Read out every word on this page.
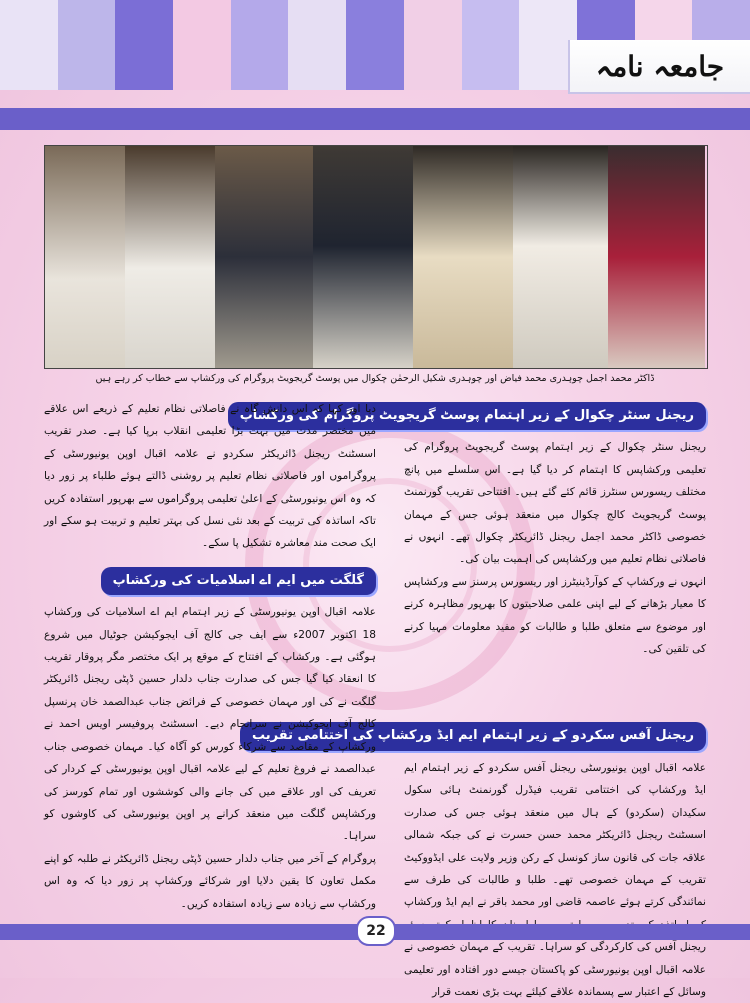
جامعہ نامہ
ڈاکٹر محمد اجمل چوہدری محمد فیاض اور چوہدری شکیل الرحمٰن چکوال میں پوسٹ گریجویٹ پروگرام کی ورکشاپ سے خطاب کر رہے ہیں
ریجنل سنٹر چکوال کے زیر اہتمام پوسٹ گریجویٹ پروگرام کی ورکشاپ

ریجنل سنٹر چکوال کے زیر اہتمام پوسٹ گریجویٹ پروگرام کی تعلیمی ورکشاپس کا اہتمام کر دیا گیا ہے۔ اس سلسلے میں پانچ مختلف ریسورس سنٹرز قائم کئے گئے ہیں۔ افتتاحی تقریب گورنمنٹ پوسٹ گریجویٹ کالج چکوال میں منعقد ہوئی جس کے مہمان خصوصی ڈاکٹر محمد اجمل ریجنل ڈائریکٹر چکوال تھے۔ انہوں نے فاصلاتی نظام تعلیم میں ورکشاپس کی اہمیت بیان کی۔

انہوں نے ورکشاپ کے کوآرڈینیٹرز اور ریسورس پرسنز سے ورکشاپس کا معیار بڑھانے کے لیے اپنی علمی صلاحیتوں کا بھرپور مظاہرہ کرنے اور موضوع سے متعلق طلبا و طالبات کو مفید معلومات مہیا کرنے کی تلقین کی۔

ریجنل آفس سکردو کے زیر اہتمام ایم ایڈ ورکشاپ کی اختتامی تقریب

علامہ اقبال اوپن یونیورسٹی ریجنل آفس سکردو کے زیر اہتمام ایم ایڈ ورکشاپ کی اختتامی تقریب فیڈرل گورنمنٹ ہائی سکول سکیدان (سکردو) کے ہال میں منعقد ہوئی جس کی صدارت اسسٹنٹ ریجنل ڈائریکٹر محمد حسن حسرت نے کی جبکہ شمالی علاقہ جات کی قانون ساز کونسل کے رکن وزیر ولایت علی ایڈووکیٹ تقریب کے مہمان خصوصی تھے۔ طلبا و طالبات کی طرف سے نمائندگی کرتے ہوئے عاصمہ قاضی اور محمد باقر نے ایم ایڈ ورکشاپ ریجنل آفس کی کارکردگی کو سراہا۔ تقریب کے مہمان خصوصی نے علامہ اقبال اوپن یونیورسٹی کو پاکستان جیسے دور افتادہ اور تعلیمی وسائل کے اعتبار سے پسماندہ علاقے کیلئے بہت بڑی نعمت قرار

دیا اور کہا کہ اس دانش گاہ نے فاصلاتی نظام تعلیم کے ذریعے اس علاقے میں مختصر مدت میں بہت بڑا تعلیمی انقلاب برپا کیا ہے۔ صدر تقریب اسسٹنٹ ریجنل ڈائریکٹر سکردو نے علامہ اقبال اوپن یونیورسٹی کے پروگراموں اور فاصلاتی نظام تعلیم پر روشنی ڈالتے ہوئے طلباء پر زور دیا کہ وہ اس یونیورسٹی کے اعلیٰ تعلیمی پروگراموں سے بھرپور استفادہ کریں تاکہ اساتذہ کی تربیت کے بعد نئی نسل کی بہتر تعلیم و تربیت ہو سکے اور ایک صحت مند معاشرہ تشکیل پا سکے۔

گلگت میں ایم اے اسلامیات کی ورکشاپ

علامہ اقبال اوپن یونیورسٹی کے زیر اہتمام ایم اے اسلامیات کی ورکشاپ 18 اکتوبر 2007ء سے ایف جی کالج آف ایجوکیشن جوٹیال میں شروع ہوگئی ہے۔ ورکشاپ کے افتتاح کے موقع پر ایک مختصر مگر پروقار تقریب کا انعقاد کیا گیا جس کی صدارت جناب دلدار حسین ڈپٹی ریجنل ڈائریکٹر گلگت نے کی اور مہمان خصوصی کے فرائض جناب عبدالصمد خان پرنسپل کالج آف ایجوکیشن نے سرانجام دیے۔ اسسٹنٹ پروفیسر اویس احمد نے ورکشاپ کے مقاصد سے شرکاء کورس کو آگاہ کیا۔ مہمان خصوصی جناب عبدالصمد نے فروغ تعلیم کے لیے علامہ اقبال اوپن یونیورسٹی کے کردار کی تعریف کی اور علاقے میں کی جانے والی کوششوں اور تمام کورسز کی ورکشاپس گلگت میں منعقد کرانے پر اوپن یونیورسٹی کی کاوشوں کو سراہا۔

پروگرام کے آخر میں جناب دلدار حسین ڈپٹی ریجنل ڈائریکٹر نے طلبہ کو اپنے مکمل تعاون کا یقین دلایا اور شرکائے ورکشاپ پر زور دیا کہ وہ اس ورکشاپ سے زیادہ سے زیادہ استفادہ کریں۔

22
